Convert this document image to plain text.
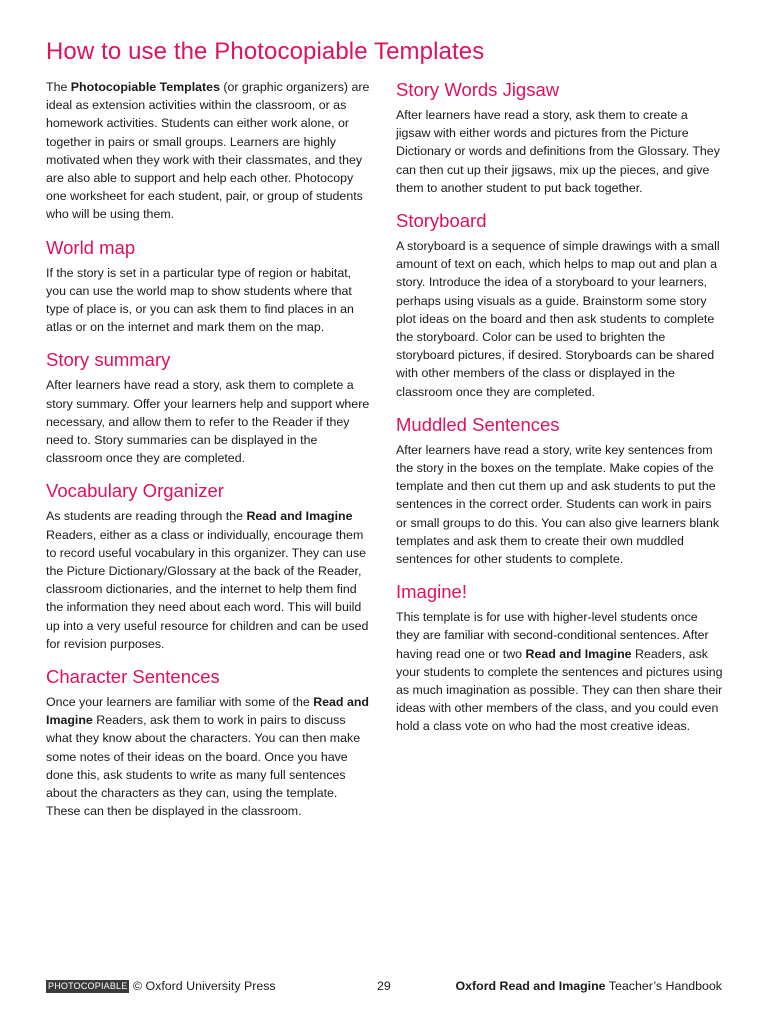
How to use the Photocopiable Templates

The Photocopiable Templates (or graphic organizers) are ideal as extension activities within the classroom, or as homework activities. Students can either work alone, or together in pairs or small groups. Learners are highly motivated when they work with their classmates, and they are also able to support and help each other. Photocopy one worksheet for each student, pair, or group of students who will be using them.

World map

If the story is set in a particular type of region or habitat, you can use the world map to show students where that type of place is, or you can ask them to find places in an atlas or on the internet and mark them on the map.

Story summary

After learners have read a story, ask them to complete a story summary. Offer your learners help and support where necessary, and allow them to refer to the Reader if they need to. Story summaries can be displayed in the classroom once they are completed.

Vocabulary Organizer

As students are reading through the Read and Imagine Readers, either as a class or individually, encourage them to record useful vocabulary in this organizer. They can use the Picture Dictionary/Glossary at the back of the Reader, classroom dictionaries, and the internet to help them find the information they need about each word. This will build up into a very useful resource for children and can be used for revision purposes.

Character Sentences

Once your learners are familiar with some of the Read and Imagine Readers, ask them to work in pairs to discuss what they know about the characters. You can then make some notes of their ideas on the board. Once you have done this, ask students to write as many full sentences about the characters as they can, using the template. These can then be displayed in the classroom.

Story Words Jigsaw

After learners have read a story, ask them to create a jigsaw with either words and pictures from the Picture Dictionary or words and definitions from the Glossary. They can then cut up their jigsaws, mix up the pieces, and give them to another student to put back together.

Storyboard

A storyboard is a sequence of simple drawings with a small amount of text on each, which helps to map out and plan a story. Introduce the idea of a storyboard to your learners, perhaps using visuals as a guide. Brainstorm some story plot ideas on the board and then ask students to complete the storyboard. Color can be used to brighten the storyboard pictures, if desired. Storyboards can be shared with other members of the class or displayed in the classroom once they are completed.

Muddled Sentences

After learners have read a story, write key sentences from the story in the boxes on the template. Make copies of the template and then cut them up and ask students to put the sentences in the correct order. Students can work in pairs or small groups to do this. You can also give learners blank templates and ask them to create their own muddled sentences for other students to complete.

Imagine!

This template is for use with higher-level students once they are familiar with second-conditional sentences. After having read one or two Read and Imagine Readers, ask your students to complete the sentences and pictures using as much imagination as possible. They can then share their ideas with other members of the class, and you could even hold a class vote on who had the most creative ideas.

PHOTOCOPIABLE © Oxford University Press	29	Oxford Read and Imagine Teacher’s Handbook
